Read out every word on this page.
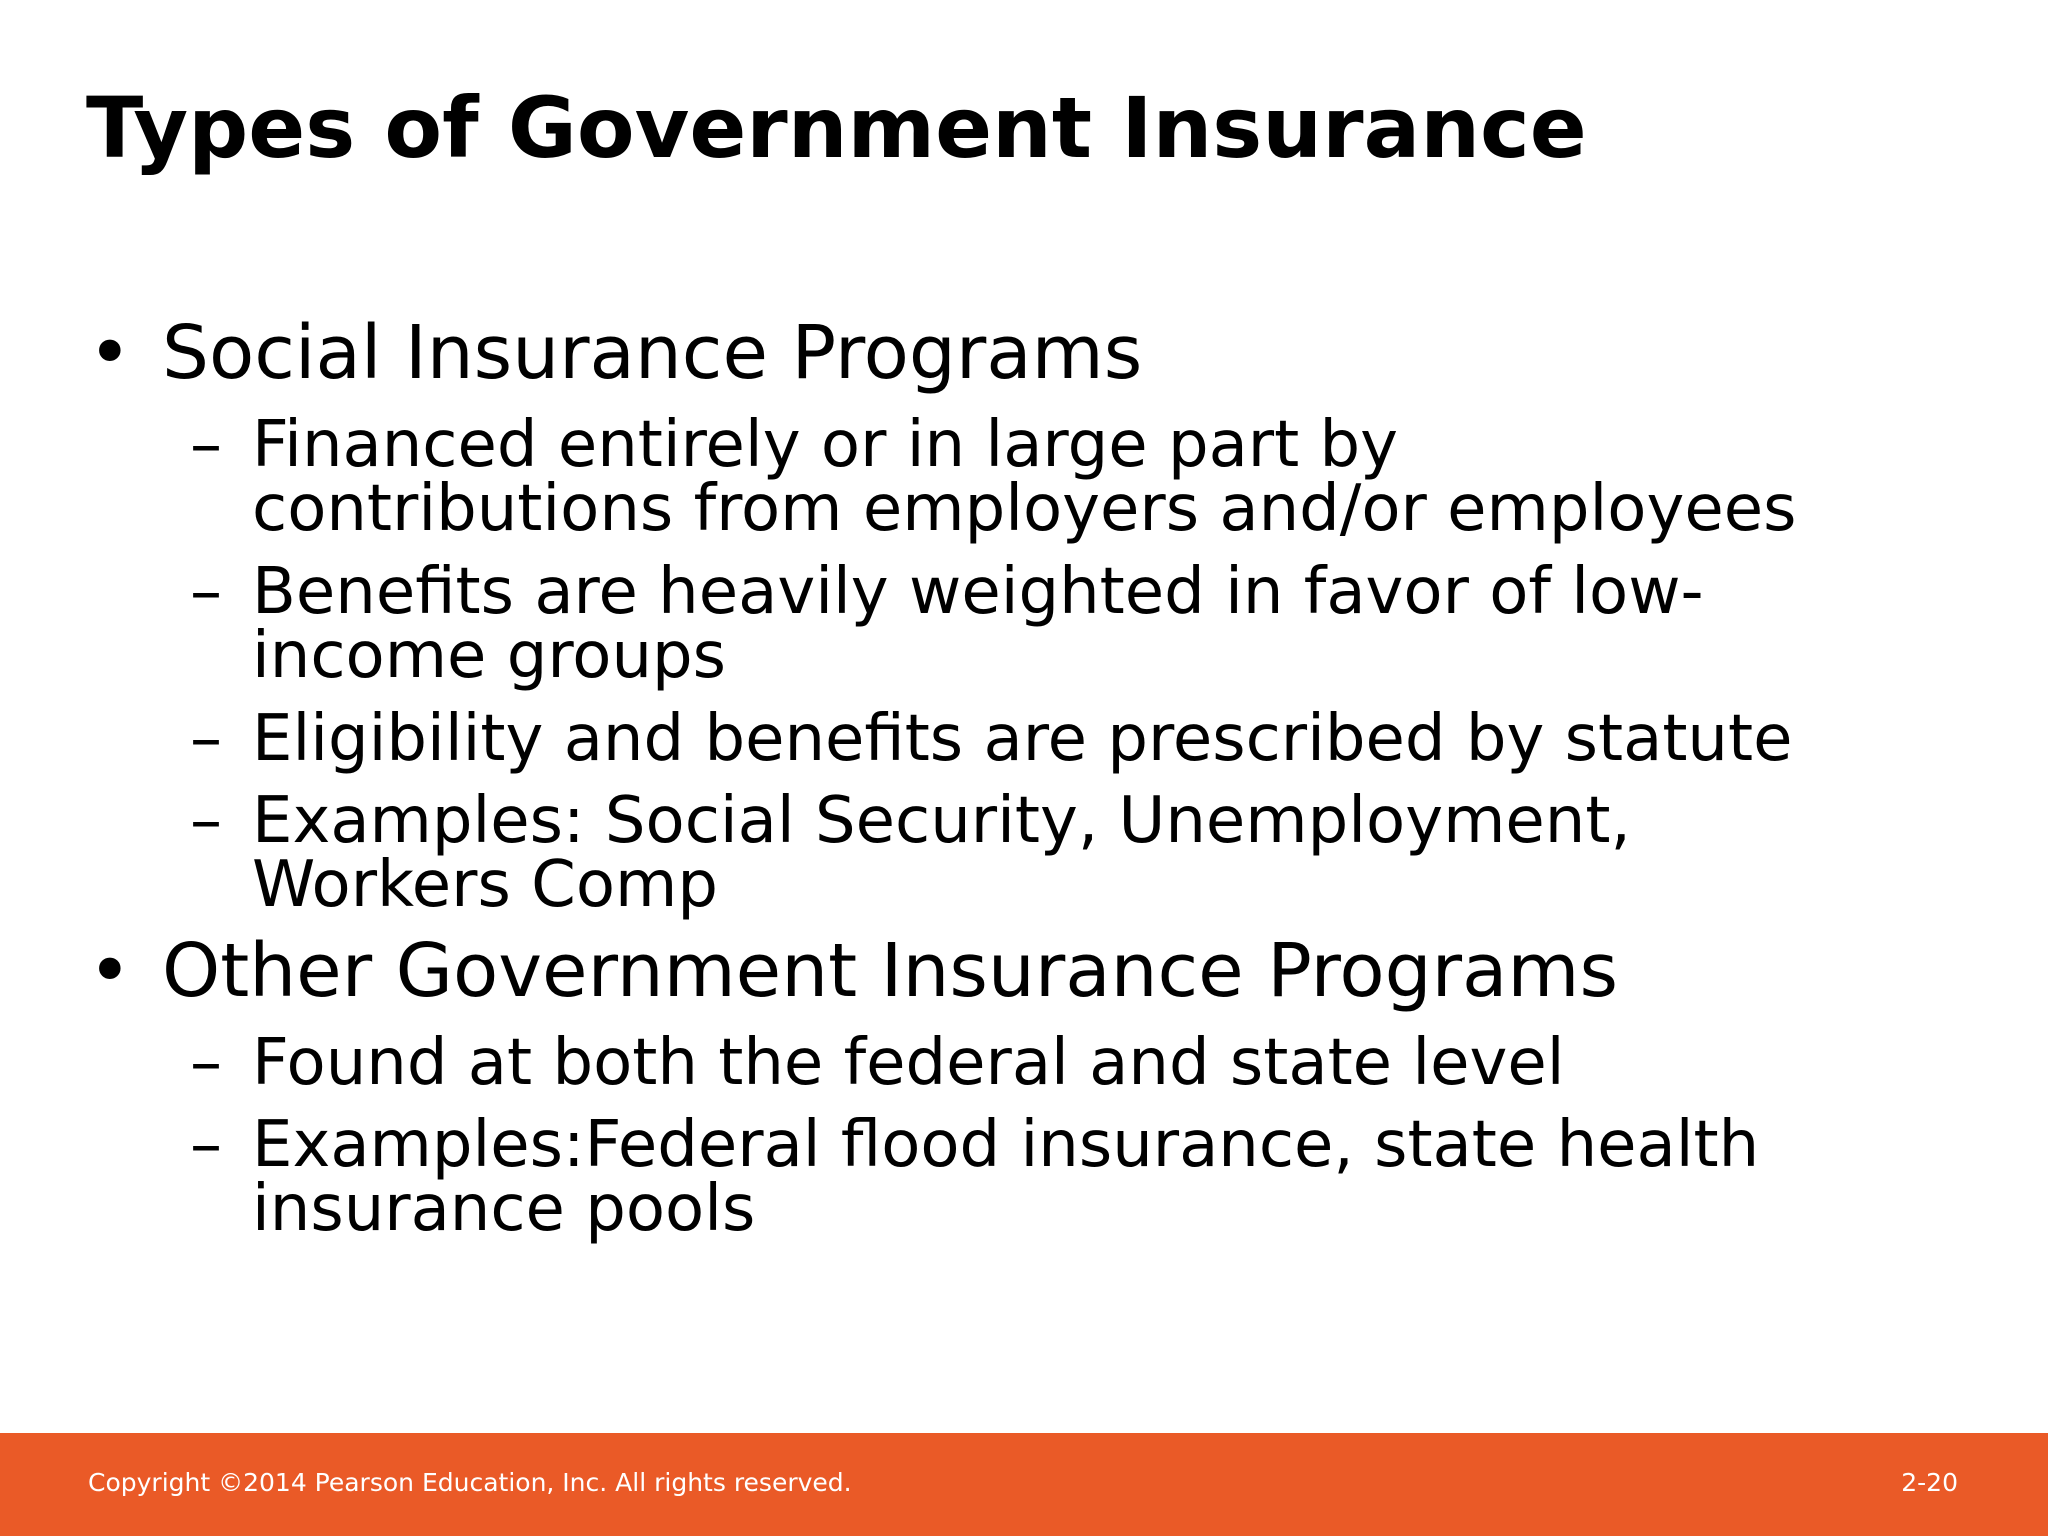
Types of Government Insurance
• Social Insurance Programs
– Financed entirely or in large part by
contributions from employers and/or employees
– Benefits are heavily weighted in favor of low-
income groups
– Eligibility and benefits are prescribed by statute
– Examples: Social Security, Unemployment,
Workers Comp
• Other Government Insurance Programs
– Found at both the federal and state level
– Examples:Federal flood insurance, state health
insurance pools
Copyright ©2014 Pearson Education, Inc. All rights reserved.	2-20
